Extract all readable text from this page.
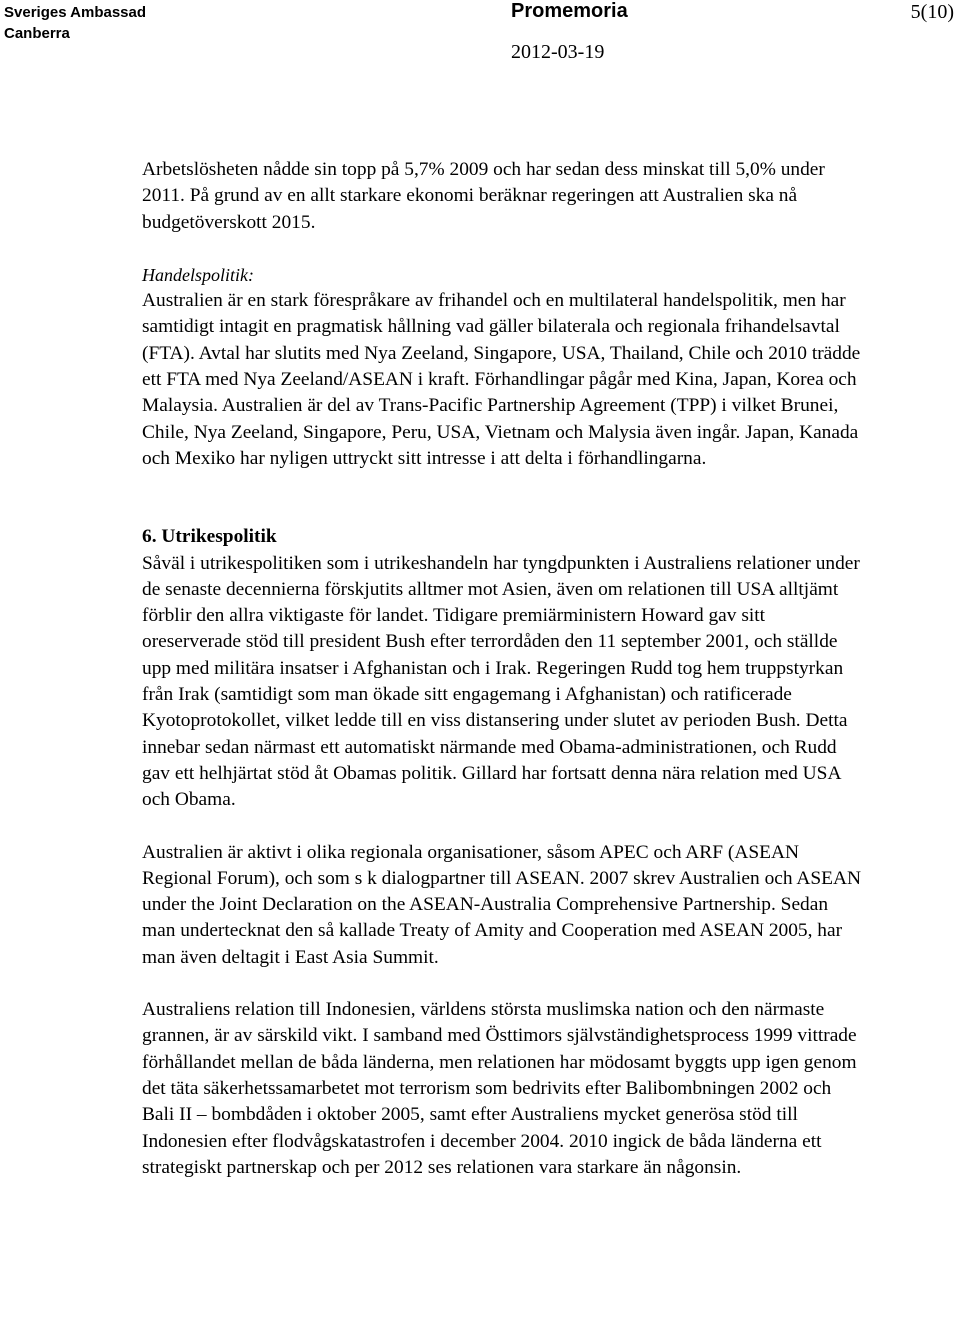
Sveriges Ambassad
Canberra
Promemoria	5(10)
2012-03-19

Arbetslösheten nådde sin topp på 5,7% 2009 och har sedan dess minskat till 5,0% under 2011. På grund av en allt starkare ekonomi beräknar regeringen att Australien ska nå budgetöverskott 2015.

Handelspolitik:

Australien är en stark förespråkare av frihandel och en multilateral handelspolitik, men har samtidigt intagit en pragmatisk hållning vad gäller bilaterala och regionala frihandelsavtal (FTA). Avtal har slutits med Nya Zeeland, Singapore, USA, Thailand, Chile och 2010 trädde ett FTA med Nya Zeeland/ASEAN i kraft. Förhandlingar pågår med Kina, Japan, Korea och Malaysia. Australien är del av Trans-Pacific Partnership Agreement (TPP) i vilket Brunei, Chile, Nya Zeeland, Singapore, Peru, USA, Vietnam och Malysia även ingår. Japan, Kanada och Mexiko har nyligen uttryckt sitt intresse i att delta i förhandlingarna.

6. Utrikespolitik

Såväl i utrikespolitiken som i utrikeshandeln har tyngdpunkten i Australiens relationer under de senaste decennierna förskjutits alltmer mot Asien, även om relationen till USA alltjämt förblir den allra viktigaste för landet. Tidigare premiärministern Howard gav sitt oreserverade stöd till president Bush efter terrordåden den 11 september 2001, och ställde upp med militära insatser i Afghanistan och i Irak. Regeringen Rudd tog hem truppstyrkan från Irak (samtidigt som man ökade sitt engagemang i Afghanistan) och ratificerade Kyotoprotokollet, vilket ledde till en viss distansering under slutet av perioden Bush. Detta innebar sedan närmast ett automatiskt närmande med Obama-administrationen, och Rudd gav ett helhjärtat stöd åt Obamas politik. Gillard har fortsatt denna nära relation med USA och Obama.

Australien är aktivt i olika regionala organisationer, såsom APEC och ARF (ASEAN Regional Forum), och som s k dialogpartner till ASEAN. 2007 skrev Australien och ASEAN under the Joint Declaration on the ASEAN-Australia Comprehensive Partnership. Sedan man undertecknat den så kallade Treaty of Amity and Cooperation med ASEAN 2005, har man även deltagit i East Asia Summit.

Australiens relation till Indonesien, världens största muslimska nation och den närmaste grannen, är av särskild vikt. I samband med Östtimors självständighetsprocess 1999 vittrade förhållandet mellan de båda länderna, men relationen har mödosamt byggts upp igen genom det täta säkerhetssamarbetet mot terrorism som bedrivits efter Balibombningen 2002 och Bali II – bombdåden i oktober 2005, samt efter Australiens mycket generösa stöd till Indonesien efter flodvågskatastrofen i december 2004. 2010 ingick de båda länderna ett strategiskt partnerskap och per 2012 ses relationen vara starkare än någonsin.
